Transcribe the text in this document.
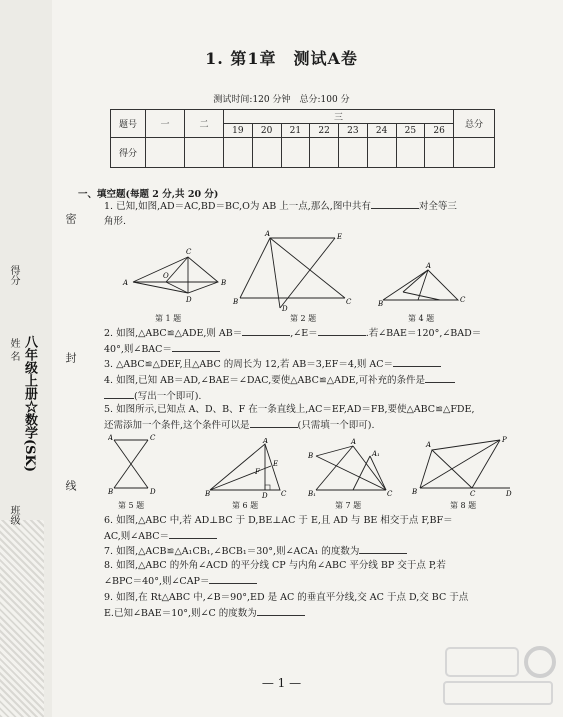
得分
姓 名 八年级上册☆数学(SK)
班级
密
封
线
1. 第1章　测试A卷
测试时间:120 分钟　总分:100 分
题号	一	二	三								总分
			19	20	21	22	23	24	25	26	
得分											
一、填空题(每题 2 分,共 20 分)
1. 已知,如图,AD＝AC,BD＝BC,O为 AB 上一点,那么,图中共有	对全等三
角形.
A
C
B
D
O
第 1 题
B
A	E
C
D
第 2 题
B
A
C
第 4 题
2. 如图,△ABC≌△ADE,则 AB＝	,∠E＝	.若∠BAE＝120°,∠BAD＝
40°,则∠BAC＝
3. △ABC≌△DEF,且△ABC 的周长为 12,若 AB＝3,EF＝4,则 AC＝
4. 如图,已知 AB＝AD,∠BAE＝∠DAC,要使△ABC≌△ADE,可补充的条件是
(写出一个即可).
5. 如图所示,已知点 A、D、B、F 在一条直线上,AC＝EF,AD＝FB,要使△ABC≌△FDE,
还需添加一个条件,这个条件可以是	(只需填一个即可).
A	C
B	D
第 5 题
A
B	C
D
E
F
第 6 题
B
A
A₁
B₁	C
第 7 题
A
P
B	C	D
第 8 题
6. 如图,△ABC 中,若 AD⊥BC 于 D,BE⊥AC 于 E,且 AD 与 BE 相交于点 F,BF＝
AC,则∠ABC＝
7. 如图,△ACB≌△A₁CB₁,∠BCB₁＝30°,则∠ACA₁ 的度数为
8. 如图,△ABC 的外角∠ACD 的平分线 CP 与内角∠ABC 平分线 BP 交于点 P,若
∠BPC＝40°,则∠CAP＝
9. 如图,在 Rt△ABC 中,∠B＝90°,ED 是 AC 的垂直平分线,交 AC 于点 D,交 BC 于点
E.已知∠BAE＝10°,则∠C 的度数为
— 1 —
